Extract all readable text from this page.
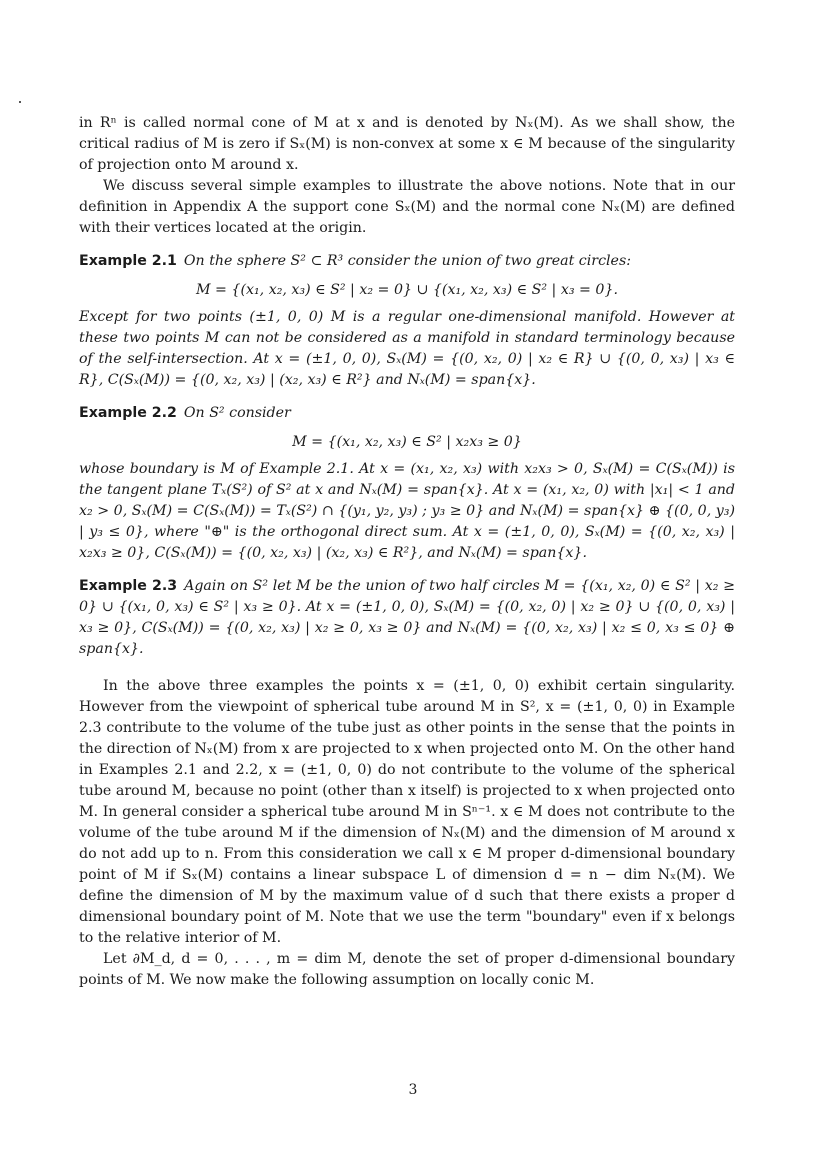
in Rⁿ is called normal cone of M at x and is denoted by Nₓ(M). As we shall show, the critical radius of M is zero if Sₓ(M) is non-convex at some x ∈ M because of the singularity of projection onto M around x.

We discuss several simple examples to illustrate the above notions. Note that in our definition in Appendix A the support cone Sₓ(M) and the normal cone Nₓ(M) are defined with their vertices located at the origin.

Example 2.1 On the sphere S² ⊂ R³ consider the union of two great circles:

M = {(x₁, x₂, x₃) ∈ S² | x₂ = 0} ∪ {(x₁, x₂, x₃) ∈ S² | x₃ = 0}.

Except for two points (±1, 0, 0) M is a regular one-dimensional manifold. However at these two points M can not be considered as a manifold in standard terminology because of the self-intersection. At x = (±1, 0, 0), Sₓ(M) = {(0, x₂, 0) | x₂ ∈ R} ∪ {(0, 0, x₃) | x₃ ∈ R}, C(Sₓ(M)) = {(0, x₂, x₃) | (x₂, x₃) ∈ R²} and Nₓ(M) = span{x}.

Example 2.2 On S² consider

M = {(x₁, x₂, x₃) ∈ S² | x₂x₃ ≥ 0}

whose boundary is M of Example 2.1. At x = (x₁, x₂, x₃) with x₂x₃ > 0, Sₓ(M) = C(Sₓ(M)) is the tangent plane Tₓ(S²) of S² at x and Nₓ(M) = span{x}. At x = (x₁, x₂, 0) with |x₁| < 1 and x₂ > 0, Sₓ(M) = C(Sₓ(M)) = Tₓ(S²) ∩ {(y₁, y₂, y₃) ; y₃ ≥ 0} and Nₓ(M) = span{x} ⊕ {(0, 0, y₃) | y₃ ≤ 0}, where "⊕" is the orthogonal direct sum. At x = (±1, 0, 0), Sₓ(M) = {(0, x₂, x₃) | x₂x₃ ≥ 0}, C(Sₓ(M)) = {(0, x₂, x₃) | (x₂, x₃) ∈ R²}, and Nₓ(M) = span{x}.

Example 2.3 Again on S² let M be the union of two half circles M = {(x₁, x₂, 0) ∈ S² | x₂ ≥ 0} ∪ {(x₁, 0, x₃) ∈ S² | x₃ ≥ 0}. At x = (±1, 0, 0), Sₓ(M) = {(0, x₂, 0) | x₂ ≥ 0} ∪ {(0, 0, x₃) | x₃ ≥ 0}, C(Sₓ(M)) = {(0, x₂, x₃) | x₂ ≥ 0, x₃ ≥ 0} and Nₓ(M) = {(0, x₂, x₃) | x₂ ≤ 0, x₃ ≤ 0} ⊕ span{x}.

In the above three examples the points x = (±1, 0, 0) exhibit certain singularity. However from the viewpoint of spherical tube around M in S², x = (±1, 0, 0) in Example 2.3 contribute to the volume of the tube just as other points in the sense that the points in the direction of Nₓ(M) from x are projected to x when projected onto M. On the other hand in Examples 2.1 and 2.2, x = (±1, 0, 0) do not contribute to the volume of the spherical tube around M, because no point (other than x itself) is projected to x when projected onto M. In general consider a spherical tube around M in Sⁿ⁻¹. x ∈ M does not contribute to the volume of the tube around M if the dimension of Nₓ(M) and the dimension of M around x do not add up to n. From this consideration we call x ∈ M proper d-dimensional boundary point of M if Sₓ(M) contains a linear subspace L of dimension d = n − dim Nₓ(M). We define the dimension of M by the maximum value of d such that there exists a proper d dimensional boundary point of M. Note that we use the term "boundary" even if x belongs to the relative interior of M.

Let ∂M_d, d = 0, . . . , m = dim M, denote the set of proper d-dimensional boundary points of M. We now make the following assumption on locally conic M.

3
